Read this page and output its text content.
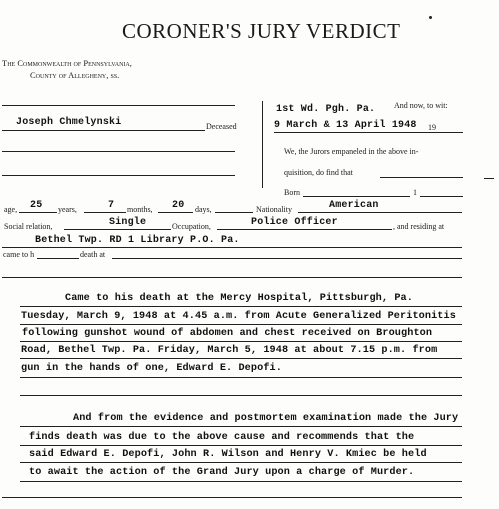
CORONER'S JURY VERDICT
The Commonwealth of Pennsylvania,
County of Allegheny, ss.
Joseph Chmelynski	Deceased
1st Wd. Pgh. Pa. And now, to wit:
9 March & 13 April 1948 19
We, the Jurors empaneled in the above in-
quisition, do find that
Born	1
age, 25 years,	7 months, 20 days,	Nationality	American
Social relation,	Single	Occupation,	Police Officer	, and residing at
Bethel Twp. RD 1 Library P.O. Pa.
came to h	death at
Came to his death at the Mercy Hospital, Pittsburgh, Pa.
Tuesday, March 9, 1948 at 4.45 a.m. from Acute Generalized Peritonitis
following gunshot wound of abdomen and chest received on Broughton
Road, Bethel Twp. Pa. Friday, March 5, 1948 at about 7.15 p.m. from
gun in the hands of one, Edward E. Depofi.
And from the evidence and postmortem examination made the Jury
finds death was due to the above cause and recommends that the
said Edward E. Depofi, John R. Wilson and Henry V. Kmiec be held
to await the action of the Grand Jury upon a charge of Murder.
